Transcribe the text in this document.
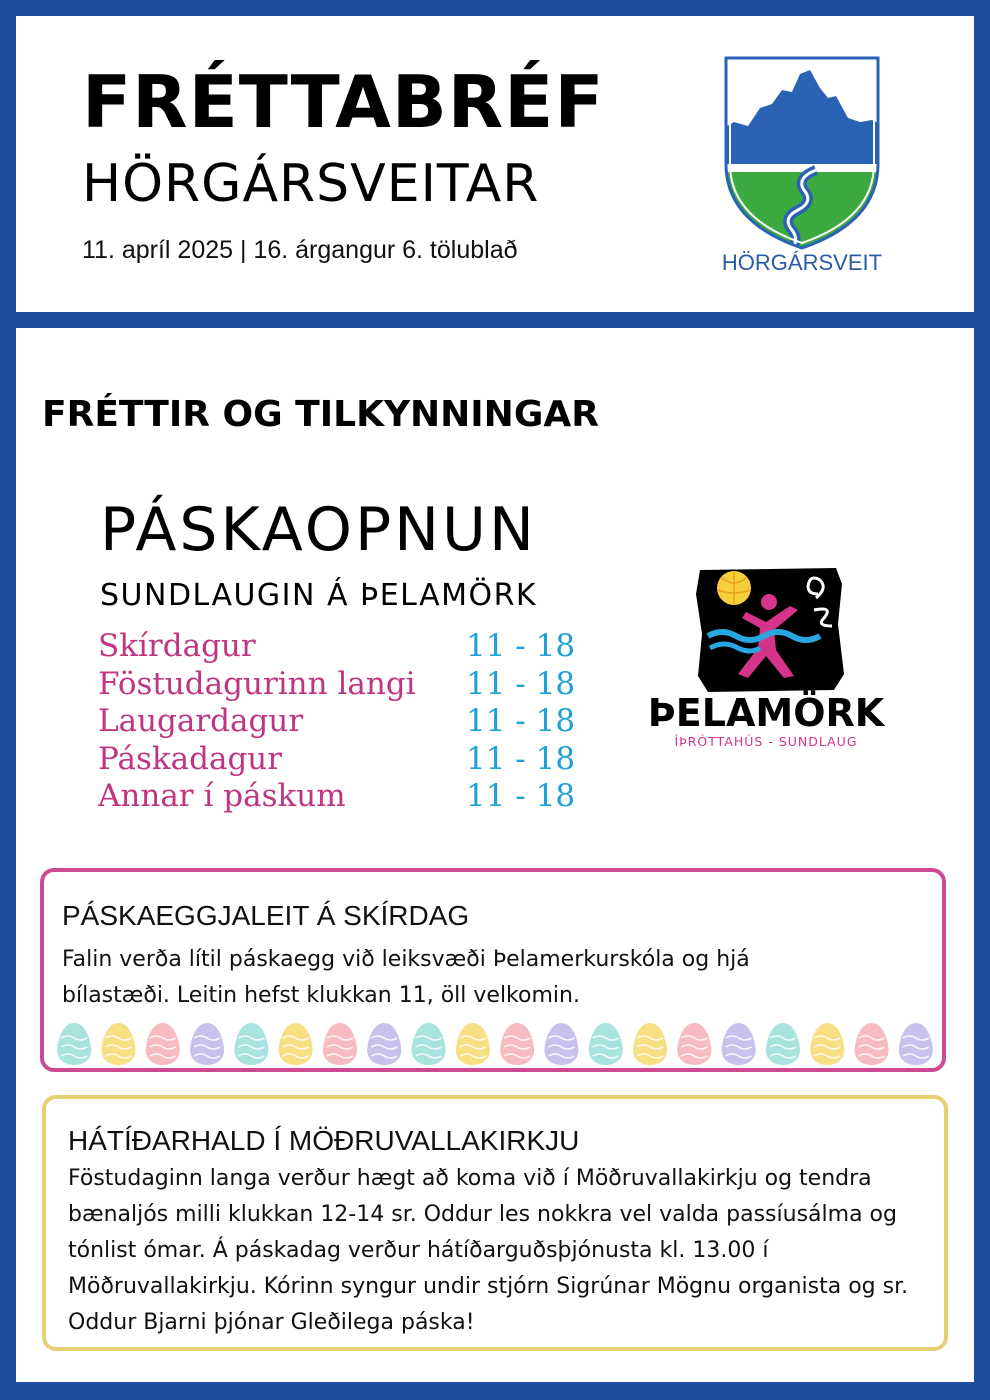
FRÉTTABRÉF
HÖRGÁRSVEITAR
11. apríl 2025 | 16. árgangur 6. tölublað	HÖRGÁRSVEIT
FRÉTTIR OG TILKYNNINGAR
PÁSKAOPNUN
SUNDLAUGIN Á ÞELAMÖRK
Skírdagur	11 - 18
Föstudagurinn langi 11 - 18
Laugardagur	11 - 18
Páskadagur	11 - 18
Annar í páskum	11 - 18
ÞELAMÖRK
ÍÞRÓTTAHÚS - SUNDLAUG
PÁSKAEGGJALEIT Á SKÍRDAG

Falin verða lítil páskaegg við leiksvæði Þelamerkurskóla og hjá bílastæði. Leitin hefst klukkan 11, öll velkomin.

HÁTÍÐARHALD Í MÖÐRUVALLAKIRKJU

Föstudaginn langa verður hægt að koma við í Möðruvallakirkju og tendra bænaljós milli klukkan 12-14 sr. Oddur les nokkra vel valda passíusálma og tónlist ómar. Á páskadag verður hátíðarguðsþjónusta kl. 13.00 í Möðruvallakirkju. Kórinn syngur undir stjórn Sigrúnar Mögnu organista og sr. Oddur Bjarni þjónar Gleðilega páska!
